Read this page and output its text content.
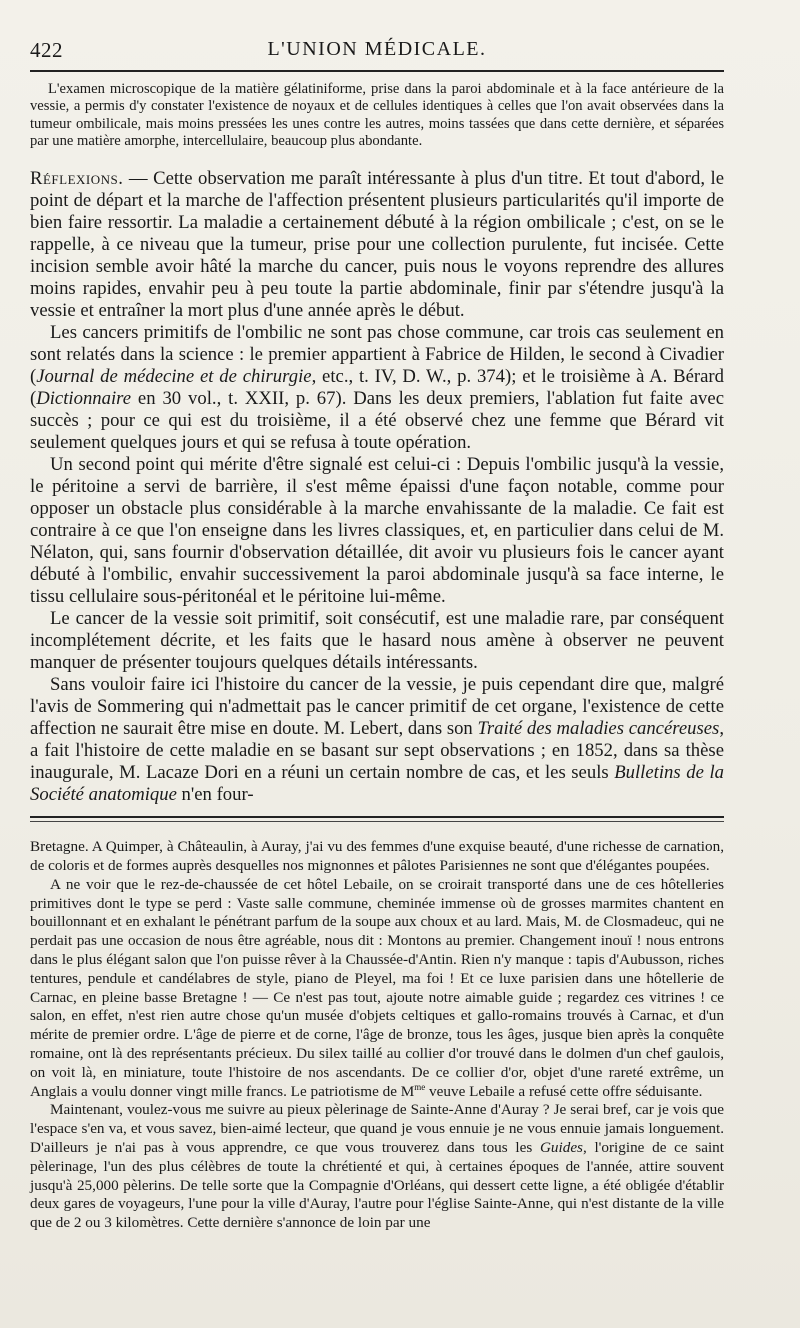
422	L'UNION MÉDICALE.

L'examen microscopique de la matière gélatiniforme, prise dans la paroi abdominale et à la face antérieure de la vessie, a permis d'y constater l'existence de noyaux et de cellules identiques à celles que l'on avait observées dans la tumeur ombilicale, mais moins pressées les unes contre les autres, moins tassées que dans cette dernière, et séparées par une matière amorphe, intercellulaire, beaucoup plus abondante.

Réflexions. — Cette observation me paraît intéressante à plus d'un titre. Et tout d'abord, le point de départ et la marche de l'affection présentent plusieurs particularités qu'il importe de bien faire ressortir. La maladie a certainement débuté à la région ombilicale ; c'est, on se le rappelle, à ce niveau que la tumeur, prise pour une collection purulente, fut incisée. Cette incision semble avoir hâté la marche du cancer, puis nous le voyons reprendre des allures moins rapides, envahir peu à peu toute la partie abdominale, finir par s'étendre jusqu'à la vessie et entraîner la mort plus d'une année après le début.

Les cancers primitifs de l'ombilic ne sont pas chose commune, car trois cas seulement en sont relatés dans la science : le premier appartient à Fabrice de Hilden, le second à Civadier (Journal de médecine et de chirurgie, etc., t. IV, D. W., p. 374); et le troisième à A. Bérard (Dictionnaire en 30 vol., t. XXII, p. 67). Dans les deux premiers, l'ablation fut faite avec succès ; pour ce qui est du troisième, il a été observé chez une femme que Bérard vit seulement quelques jours et qui se refusa à toute opération.

Un second point qui mérite d'être signalé est celui-ci : Depuis l'ombilic jusqu'à la vessie, le péritoine a servi de barrière, il s'est même épaissi d'une façon notable, comme pour opposer un obstacle plus considérable à la marche envahissante de la maladie. Ce fait est contraire à ce que l'on enseigne dans les livres classiques, et, en particulier dans celui de M. Nélaton, qui, sans fournir d'observation détaillée, dit avoir vu plusieurs fois le cancer ayant débuté à l'ombilic, envahir successivement la paroi abdominale jusqu'à sa face interne, le tissu cellulaire sous-péritonéal et le péritoine lui-même.

Le cancer de la vessie soit primitif, soit consécutif, est une maladie rare, par conséquent incomplétement décrite, et les faits que le hasard nous amène à observer ne peuvent manquer de présenter toujours quelques détails intéressants.

Sans vouloir faire ici l'histoire du cancer de la vessie, je puis cependant dire que, malgré l'avis de Sommering qui n'admettait pas le cancer primitif de cet organe, l'existence de cette affection ne saurait être mise en doute. M. Lebert, dans son Traité des maladies cancéreuses, a fait l'histoire de cette maladie en se basant sur sept observations ; en 1852, dans sa thèse inaugurale, M. Lacaze Dori en a réuni un certain nombre de cas, et les seuls Bulletins de la Société anatomique n'en four-

Bretagne. A Quimper, à Châteaulin, à Auray, j'ai vu des femmes d'une exquise beauté, d'une richesse de carnation, de coloris et de formes auprès desquelles nos mignonnes et pâlotes Parisiennes ne sont que d'élégantes poupées.

A ne voir que le rez-de-chaussée de cet hôtel Lebaile, on se croirait transporté dans une de ces hôtelleries primitives dont le type se perd : Vaste salle commune, cheminée immense où de grosses marmites chantent en bouillonnant et en exhalant le pénétrant parfum de la soupe aux choux et au lard. Mais, M. de Closmadeuc, qui ne perdait pas une occasion de nous être agréable, nous dit : Montons au premier. Changement inouï ! nous entrons dans le plus élégant salon que l'on puisse rêver à la Chaussée-d'Antin. Rien n'y manque : tapis d'Aubusson, riches tentures, pendule et candélabres de style, piano de Pleyel, ma foi ! Et ce luxe parisien dans une hôtellerie de Carnac, en pleine basse Bretagne ! — Ce n'est pas tout, ajoute notre aimable guide ; regardez ces vitrines ! ce salon, en effet, n'est rien autre chose qu'un musée d'objets celtiques et gallo-romains trouvés à Carnac, et d'un mérite de premier ordre. L'âge de pierre et de corne, l'âge de bronze, tous les âges, jusque bien après la conquête romaine, ont là des représentants précieux. Du silex taillé au collier d'or trouvé dans le dolmen d'un chef gaulois, on voit là, en miniature, toute l'histoire de nos ascendants. De ce collier d'or, objet d'une rareté extrême, un Anglais a voulu donner vingt mille francs. Le patriotisme de $M^{me}$ veuve Lebaile a refusé cette offre séduisante.

Maintenant, voulez-vous me suivre au pieux pèlerinage de Sainte-Anne d'Auray ? Je serai bref, car je vois que l'espace s'en va, et vous savez, bien-aimé lecteur, que quand je vous ennuie je ne vous ennuie jamais longuement. D'ailleurs je n'ai pas à vous apprendre, ce que vous trouverez dans tous les Guides, l'origine de ce saint pèlerinage, l'un des plus célèbres de toute la chrétienté et qui, à certaines époques de l'année, attire souvent jusqu'à 25,000 pèlerins. De telle sorte que la Compagnie d'Orléans, qui dessert cette ligne, a été obligée d'établir deux gares de voyageurs, l'une pour la ville d'Auray, l'autre pour l'église Sainte-Anne, qui n'est distante de la ville que de 2 ou 3 kilomètres. Cette dernière s'annonce de loin par une
